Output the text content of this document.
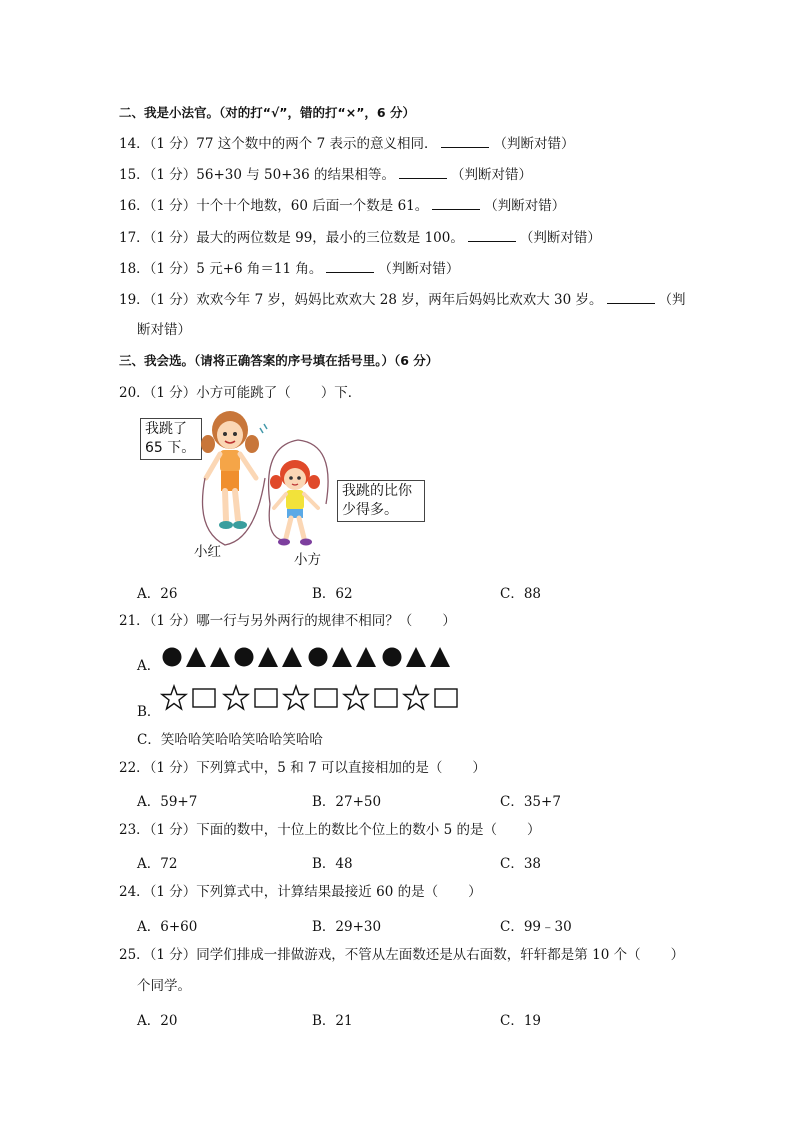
二、我是小法官。（对的打“√”，错的打“×”，6 分）
14．（1 分）77 这个数中的两个 7 表示的意义相同．	（判断对错）
15．（1 分）56+30 与 50+36 的结果相等。	（判断对错）
16．（1 分）十个十个地数，60 后面一个数是 61。	（判断对错）
17．（1 分）最大的两位数是 99，最小的三位数是 100。	（判断对错）
18．（1 分）5 元+6 角＝11 角。	（判断对错）
19．（1 分）欢欢今年 7 岁，妈妈比欢欢大 28 岁，两年后妈妈比欢欢大 30 岁。	（判
断对错）
三、我会选。（请将正确答案的序号填在括号里。）（6 分）
20．（1 分）小方可能跳了（ ）下．
我跳了
65 下。
我跳的比你
少得多。
小红	小方
A．26	B．62	C．88
21．（1 分）哪一行与另外两行的规律不相同？（ ）
A．
B．
C．笑哈哈笑哈哈笑哈哈笑哈哈
22．（1 分）下列算式中，5 和 7 可以直接相加的是（ ）
A．59+7	B．27+50	C．35+7
23．（1 分）下面的数中，十位上的数比个位上的数小 5 的是（ ）
A．72	B．48	C．38
24．（1 分）下列算式中，计算结果最接近 60 的是（ ）
A．6+60	B．29+30	C．99﹣30
25．（1 分）同学们排成一排做游戏，不管从左面数还是从右面数，轩轩都是第 10 个（ ）
个同学。
A．20	B．21	C．19
